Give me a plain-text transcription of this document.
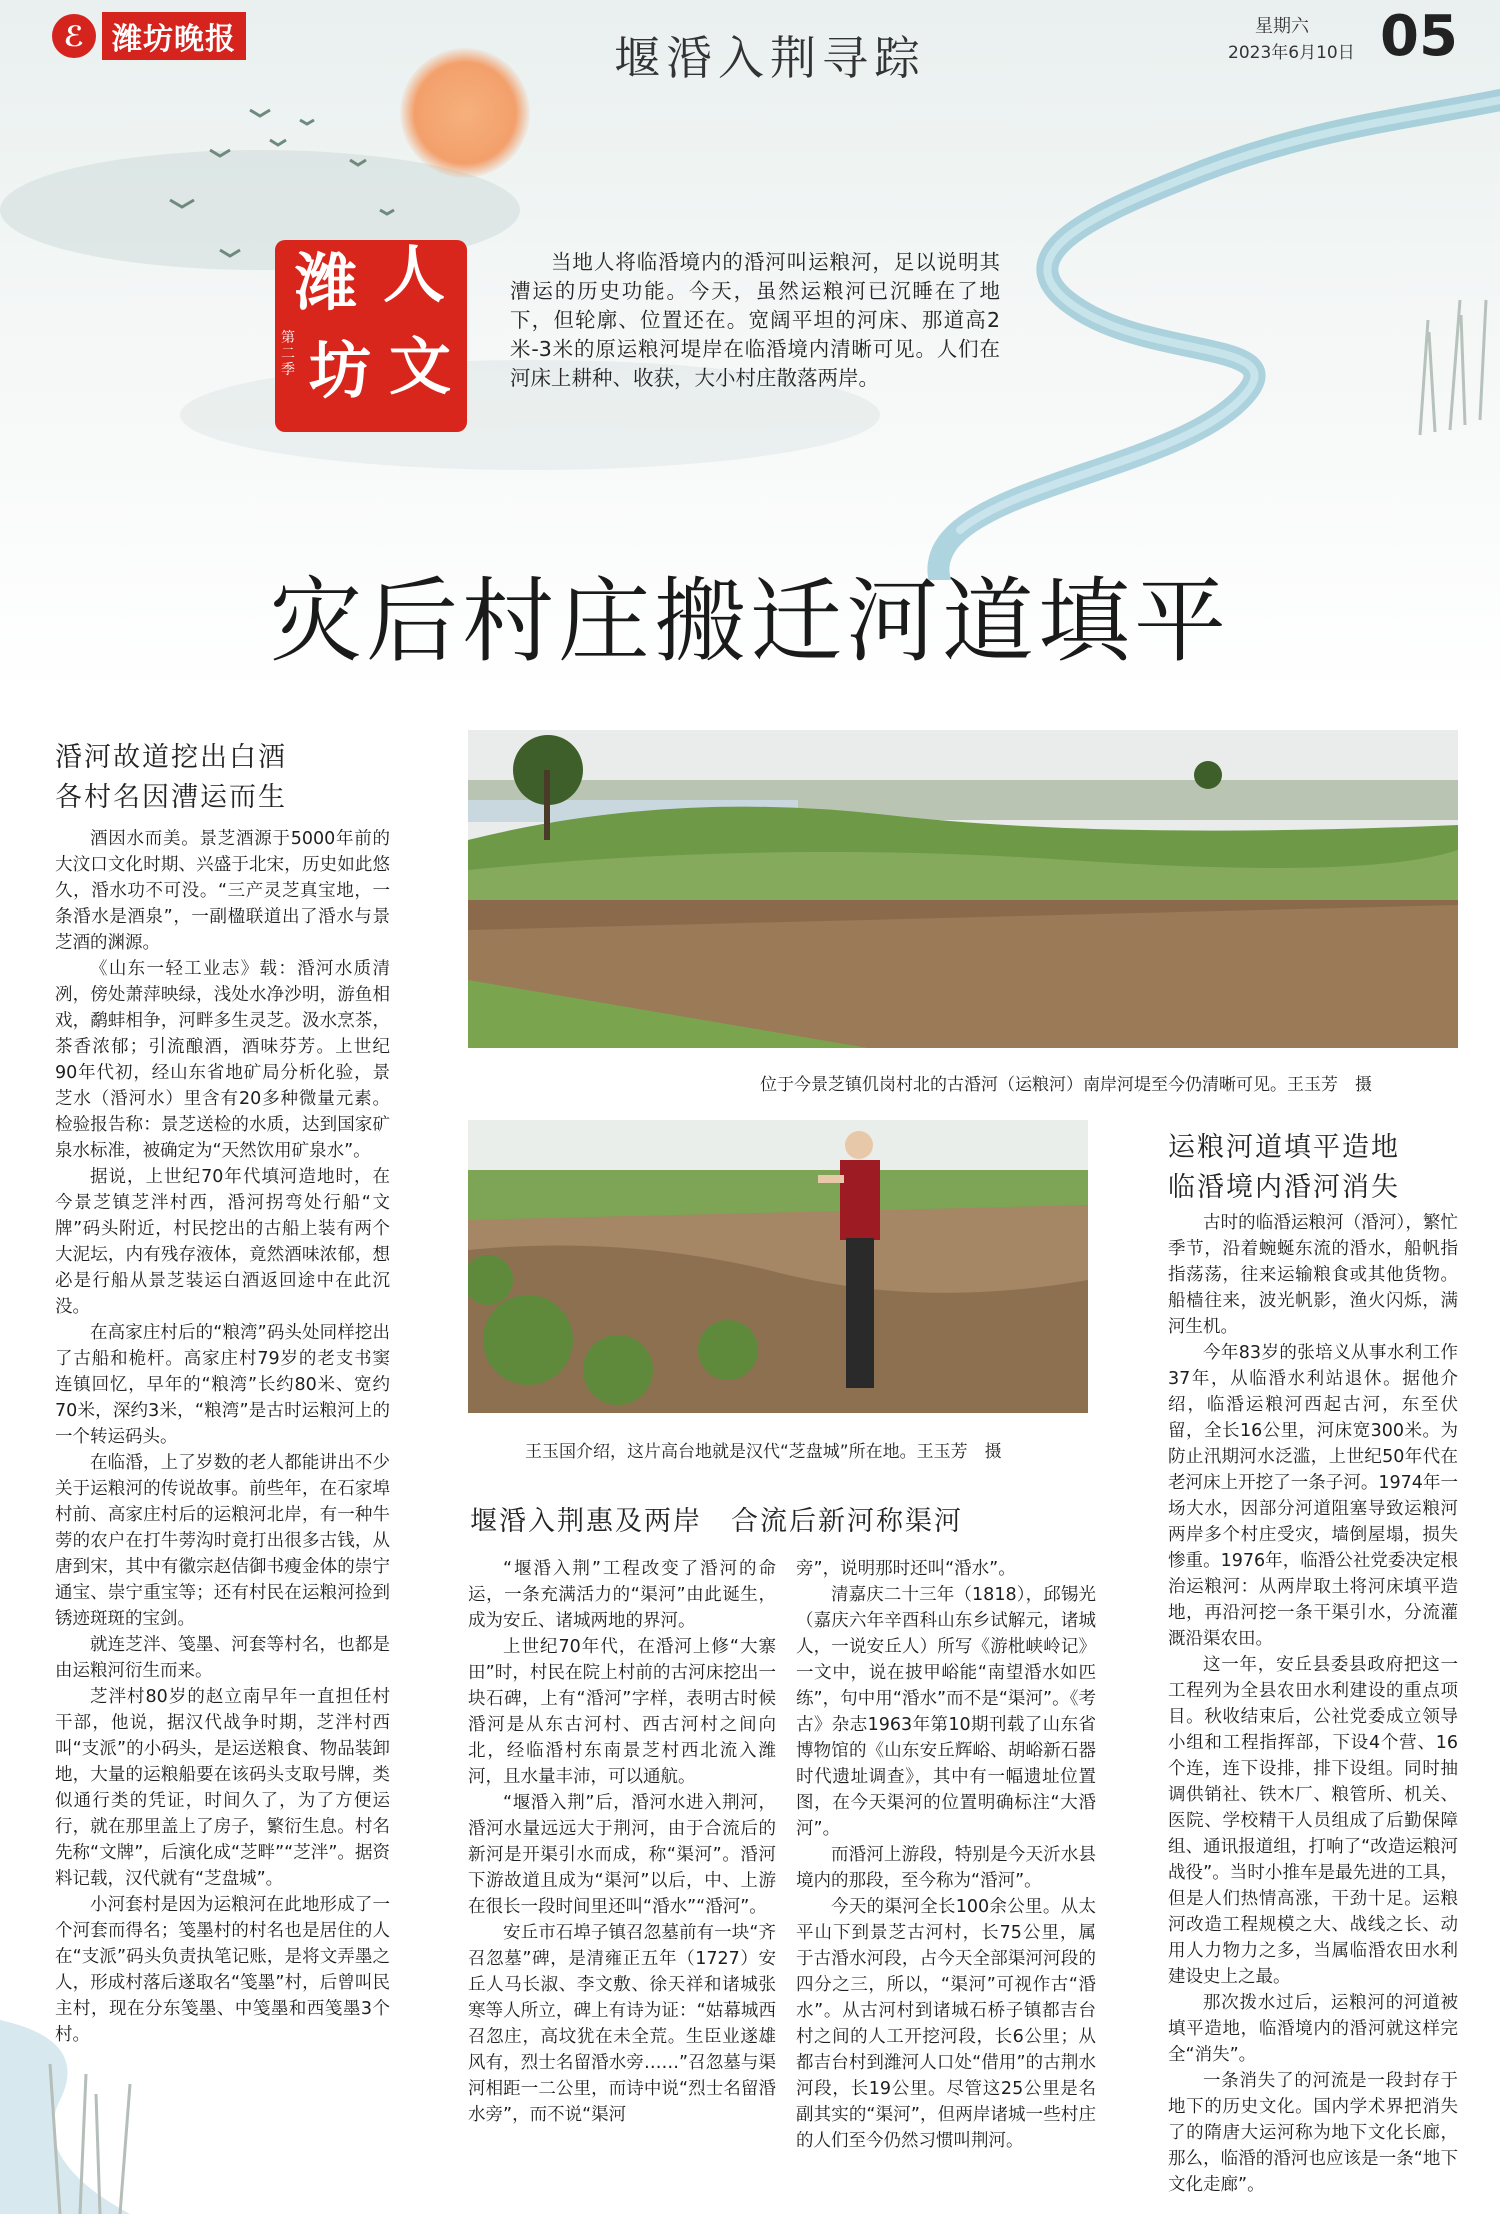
ℰ 潍坊晚报	堰涽入荆寻踪
星期六
2023年6月10日 05
潍 人
坊 文
第二季
当地人将临涽境内的涽河叫运粮河，足以说明其漕运的历史功能。今天，虽然运粮河已沉睡在了地下，但轮廓、位置还在。宽阔平坦的河床、那道高2米-3米的原运粮河堤岸在临涽境内清晰可见。人们在河床上耕种、收获，大小村庄散落两岸。
灾后村庄搬迁河道填平
涽河故道挖出白酒
各村名因漕运而生

酒因水而美。景芝酒源于5000年前的大汶口文化时期、兴盛于北宋，历史如此悠久，涽水功不可没。“三产灵芝真宝地，一条涽水是酒泉”，一副楹联道出了涽水与景芝酒的渊源。

《山东一轻工业志》载：涽河水质清冽，傍处萧萍映绿，浅处水净沙明，游鱼相戏，鹬蚌相争，河畔多生灵芝。汲水烹茶，茶香浓郁；引流酿酒，酒味芬芳。上世纪90年代初，经山东省地矿局分析化验，景芝水（涽河水）里含有20多种微量元素。检验报告称：景芝送检的水质，达到国家矿泉水标准，被确定为“天然饮用矿泉水”。

据说，上世纪70年代填河造地时，在今景芝镇芝泮村西，涽河拐弯处行船“文牌”码头附近，村民挖出的古船上装有两个大泥坛，内有残存液体，竟然酒味浓郁，想必是行船从景芝装运白酒返回途中在此沉没。

在高家庄村后的“粮湾”码头处同样挖出了古船和桅杆。高家庄村79岁的老支书窦连镇回忆，早年的“粮湾”长约80米、宽约70米，深约3米，“粮湾”是古时运粮河上的一个转运码头。

在临涽，上了岁数的老人都能讲出不少关于运粮河的传说故事。前些年，在石家埠村前、高家庄村后的运粮河北岸，有一种牛蒡的农户在打牛蒡沟时竟打出很多古钱，从唐到宋，其中有徽宗赵佶御书瘦金体的崇宁通宝、崇宁重宝等；还有村民在运粮河捡到锈迹斑斑的宝剑。

就连芝泮、笺墨、河套等村名，也都是由运粮河衍生而来。

芝泮村80岁的赵立南早年一直担任村干部，他说，据汉代战争时期，芝泮村西叫“支派”的小码头，是运送粮食、物品装卸地，大量的运粮船要在该码头支取号牌，类似通行类的凭证，时间久了，为了方便运行，就在那里盖上了房子，繁衍生息。村名先称“文牌”，后演化成“芝畔”“芝泮”。据资料记载，汉代就有“芝盘城”。

小河套村是因为运粮河在此地形成了一个河套而得名；笺墨村的村名也是居住的人在“支派”码头负责执笔记账，是将文弄墨之人，形成村落后遂取名“笺墨”村，后曾叫民主村，现在分东笺墨、中笺墨和西笺墨3个村。

位于今景芝镇仉岗村北的古涽河（运粮河）南岸河堤至今仍清晰可见。王玉芳　摄
王玉国介绍，这片高台地就是汉代“芝盘城”所在地。王玉芳　摄
堰涽入荆惠及两岸　合流后新河称渠河

“堰涽入荆”工程改变了涽河的命运，一条充满活力的“渠河”由此诞生，成为安丘、诸城两地的界河。

上世纪70年代，在涽河上修“大寨田”时，村民在院上村前的古河床挖出一块石碑，上有“涽河”字样，表明古时候涽河是从东古河村、西古河村之间向北，经临涽村东南景芝村西北流入潍河，且水量丰沛，可以通航。

“堰涽入荆”后，涽河水进入荆河，涽河水量远远大于荆河，由于合流后的新河是开渠引水而成，称“渠河”。涽河下游故道且成为“渠河”以后，中、上游在很长一段时间里还叫“涽水”“涽河”。

安丘市石埠子镇召忽墓前有一块“齐召忽墓”碑，是清雍正五年（1727）安丘人马长淑、李文敷、徐天祥和诸城张寒等人所立，碑上有诗为证：“姑幕城西召忽庄，高坟犹在未全荒。生臣业遂雄风有，烈士名留涽水旁……”召忽墓与渠河相距一二公里，而诗中说“烈士名留涽水旁”，而不说“渠河

旁”，说明那时还叫“涽水”。

清嘉庆二十三年（1818），邱锡光（嘉庆六年辛酉科山东乡试解元，诸城人，一说安丘人）所写《游枇峡岭记》一文中，说在披甲峪能“南望涽水如匹练”，句中用“涽水”而不是“渠河”。《考古》杂志1963年第10期刊载了山东省博物馆的《山东安丘辉峪、胡峪新石器时代遗址调查》，其中有一幅遗址位置图，在今天渠河的位置明确标注“大涽河”。

而涽河上游段，特别是今天沂水县境内的那段，至今称为“涽河”。

今天的渠河全长100余公里。从太平山下到景芝古河村，长75公里，属于古涽水河段，占今天全部渠河河段的四分之三，所以，“渠河”可视作古“涽水”。从古河村到诸城石桥子镇都吉台村之间的人工开挖河段，长6公里；从都吉台村到潍河人口处“借用”的古荆水河段，长19公里。尽管这25公里是名副其实的“渠河”，但两岸诸城一些村庄的人们至今仍然习惯叫荆河。

运粮河道填平造地
临涽境内涽河消失

古时的临涽运粮河（涽河），繁忙季节，沿着蜿蜒东流的涽水，船帆指指荡荡，往来运输粮食或其他货物。船樯往来，波光帆影，渔火闪烁，满河生机。

今年83岁的张培义从事水利工作37年，从临涽水利站退休。据他介绍，临涽运粮河西起古河，东至伏留，全长16公里，河床宽300米。为防止汛期河水泛滥，上世纪50年代在老河床上开挖了一条子河。1974年一场大水，因部分河道阻塞导致运粮河两岸多个村庄受灾，墙倒屋塌，损失惨重。1976年，临涽公社党委决定根治运粮河：从两岸取土将河床填平造地，再沿河挖一条干渠引水，分流灌溉沿渠农田。

这一年，安丘县委县政府把这一工程列为全县农田水利建设的重点项目。秋收结束后，公社党委成立领导小组和工程指挥部，下设4个营、16个连，连下设排，排下设组。同时抽调供销社、铁木厂、粮管所、机关、医院、学校精干人员组成了后勤保障组、通讯报道组，打响了“改造运粮河战役”。当时小推车是最先进的工具，但是人们热情高涨，干劲十足。运粮河改造工程规模之大、战线之长、动用人力物力之多，当属临涽农田水利建设史上之最。

那次拨水过后，运粮河的河道被填平造地，临涽境内的涽河就这样完全“消失”。

一条消失了的河流是一段封存于地下的历史文化。国内学术界把消失了的隋唐大运河称为地下文化长廊，那么，临涽的涽河也应该是一条“地下文化走廊”。
